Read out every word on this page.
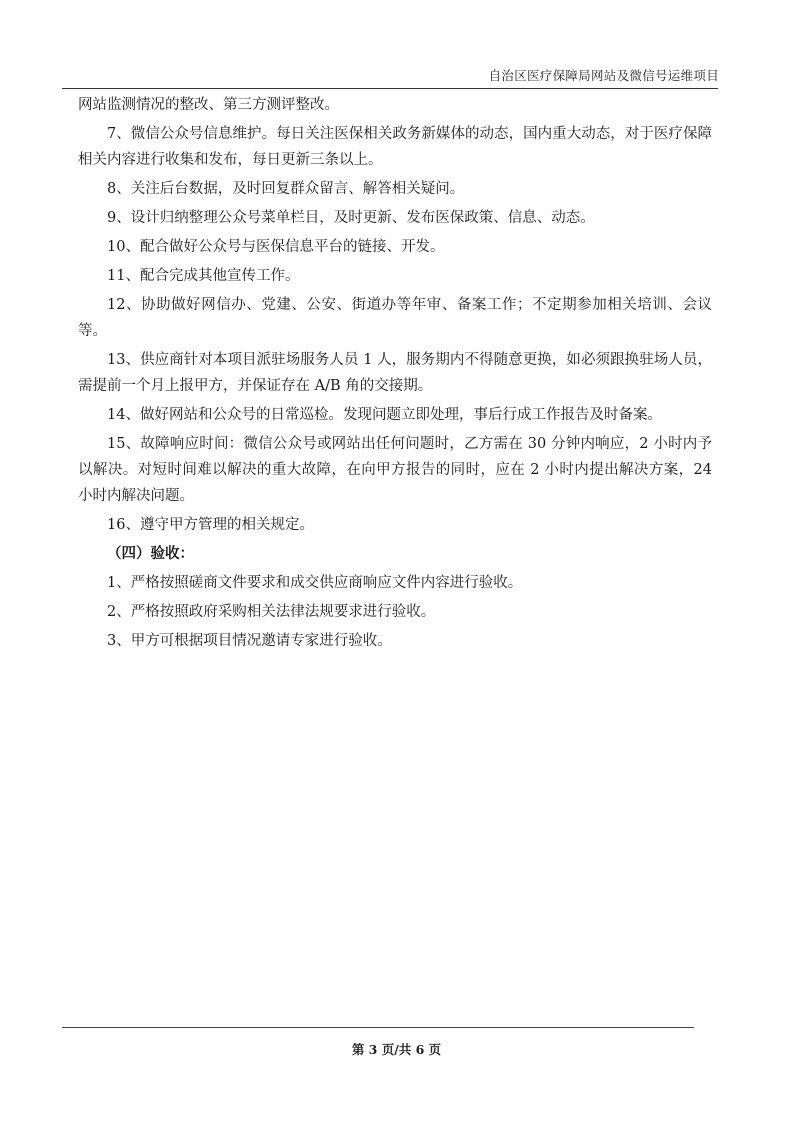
自治区医疗保障局网站及微信号运维项目

网站监测情况的整改、第三方测评整改。

7、微信公众号信息维护。每日关注医保相关政务新媒体的动态，国内重大动态，对于医疗保障相关内容进行收集和发布，每日更新三条以上。

8、关注后台数据，及时回复群众留言、解答相关疑问。

9、设计归纳整理公众号菜单栏目，及时更新、发布医保政策、信息、动态。

10、配合做好公众号与医保信息平台的链接、开发。

11、配合完成其他宣传工作。

12、协助做好网信办、党建、公安、街道办等年审、备案工作；不定期参加相关培训、会议等。

13、供应商针对本项目派驻场服务人员 1 人，服务期内不得随意更换，如必须跟换驻场人员，需提前一个月上报甲方，并保证存在 A/B 角的交接期。

14、做好网站和公众号的日常巡检。发现问题立即处理，事后行成工作报告及时备案。

15、故障响应时间：微信公众号或网站出任何问题时，乙方需在 30 分钟内响应，2 小时内予以解决。对短时间难以解决的重大故障，在向甲方报告的同时，应在 2 小时内提出解决方案，24 小时内解决问题。

16、遵守甲方管理的相关规定。

（四）验收：

1、严格按照磋商文件要求和成交供应商响应文件内容进行验收。

2、严格按照政府采购相关法律法规要求进行验收。

3、甲方可根据项目情况邀请专家进行验收。

第 3 页/共 6 页
